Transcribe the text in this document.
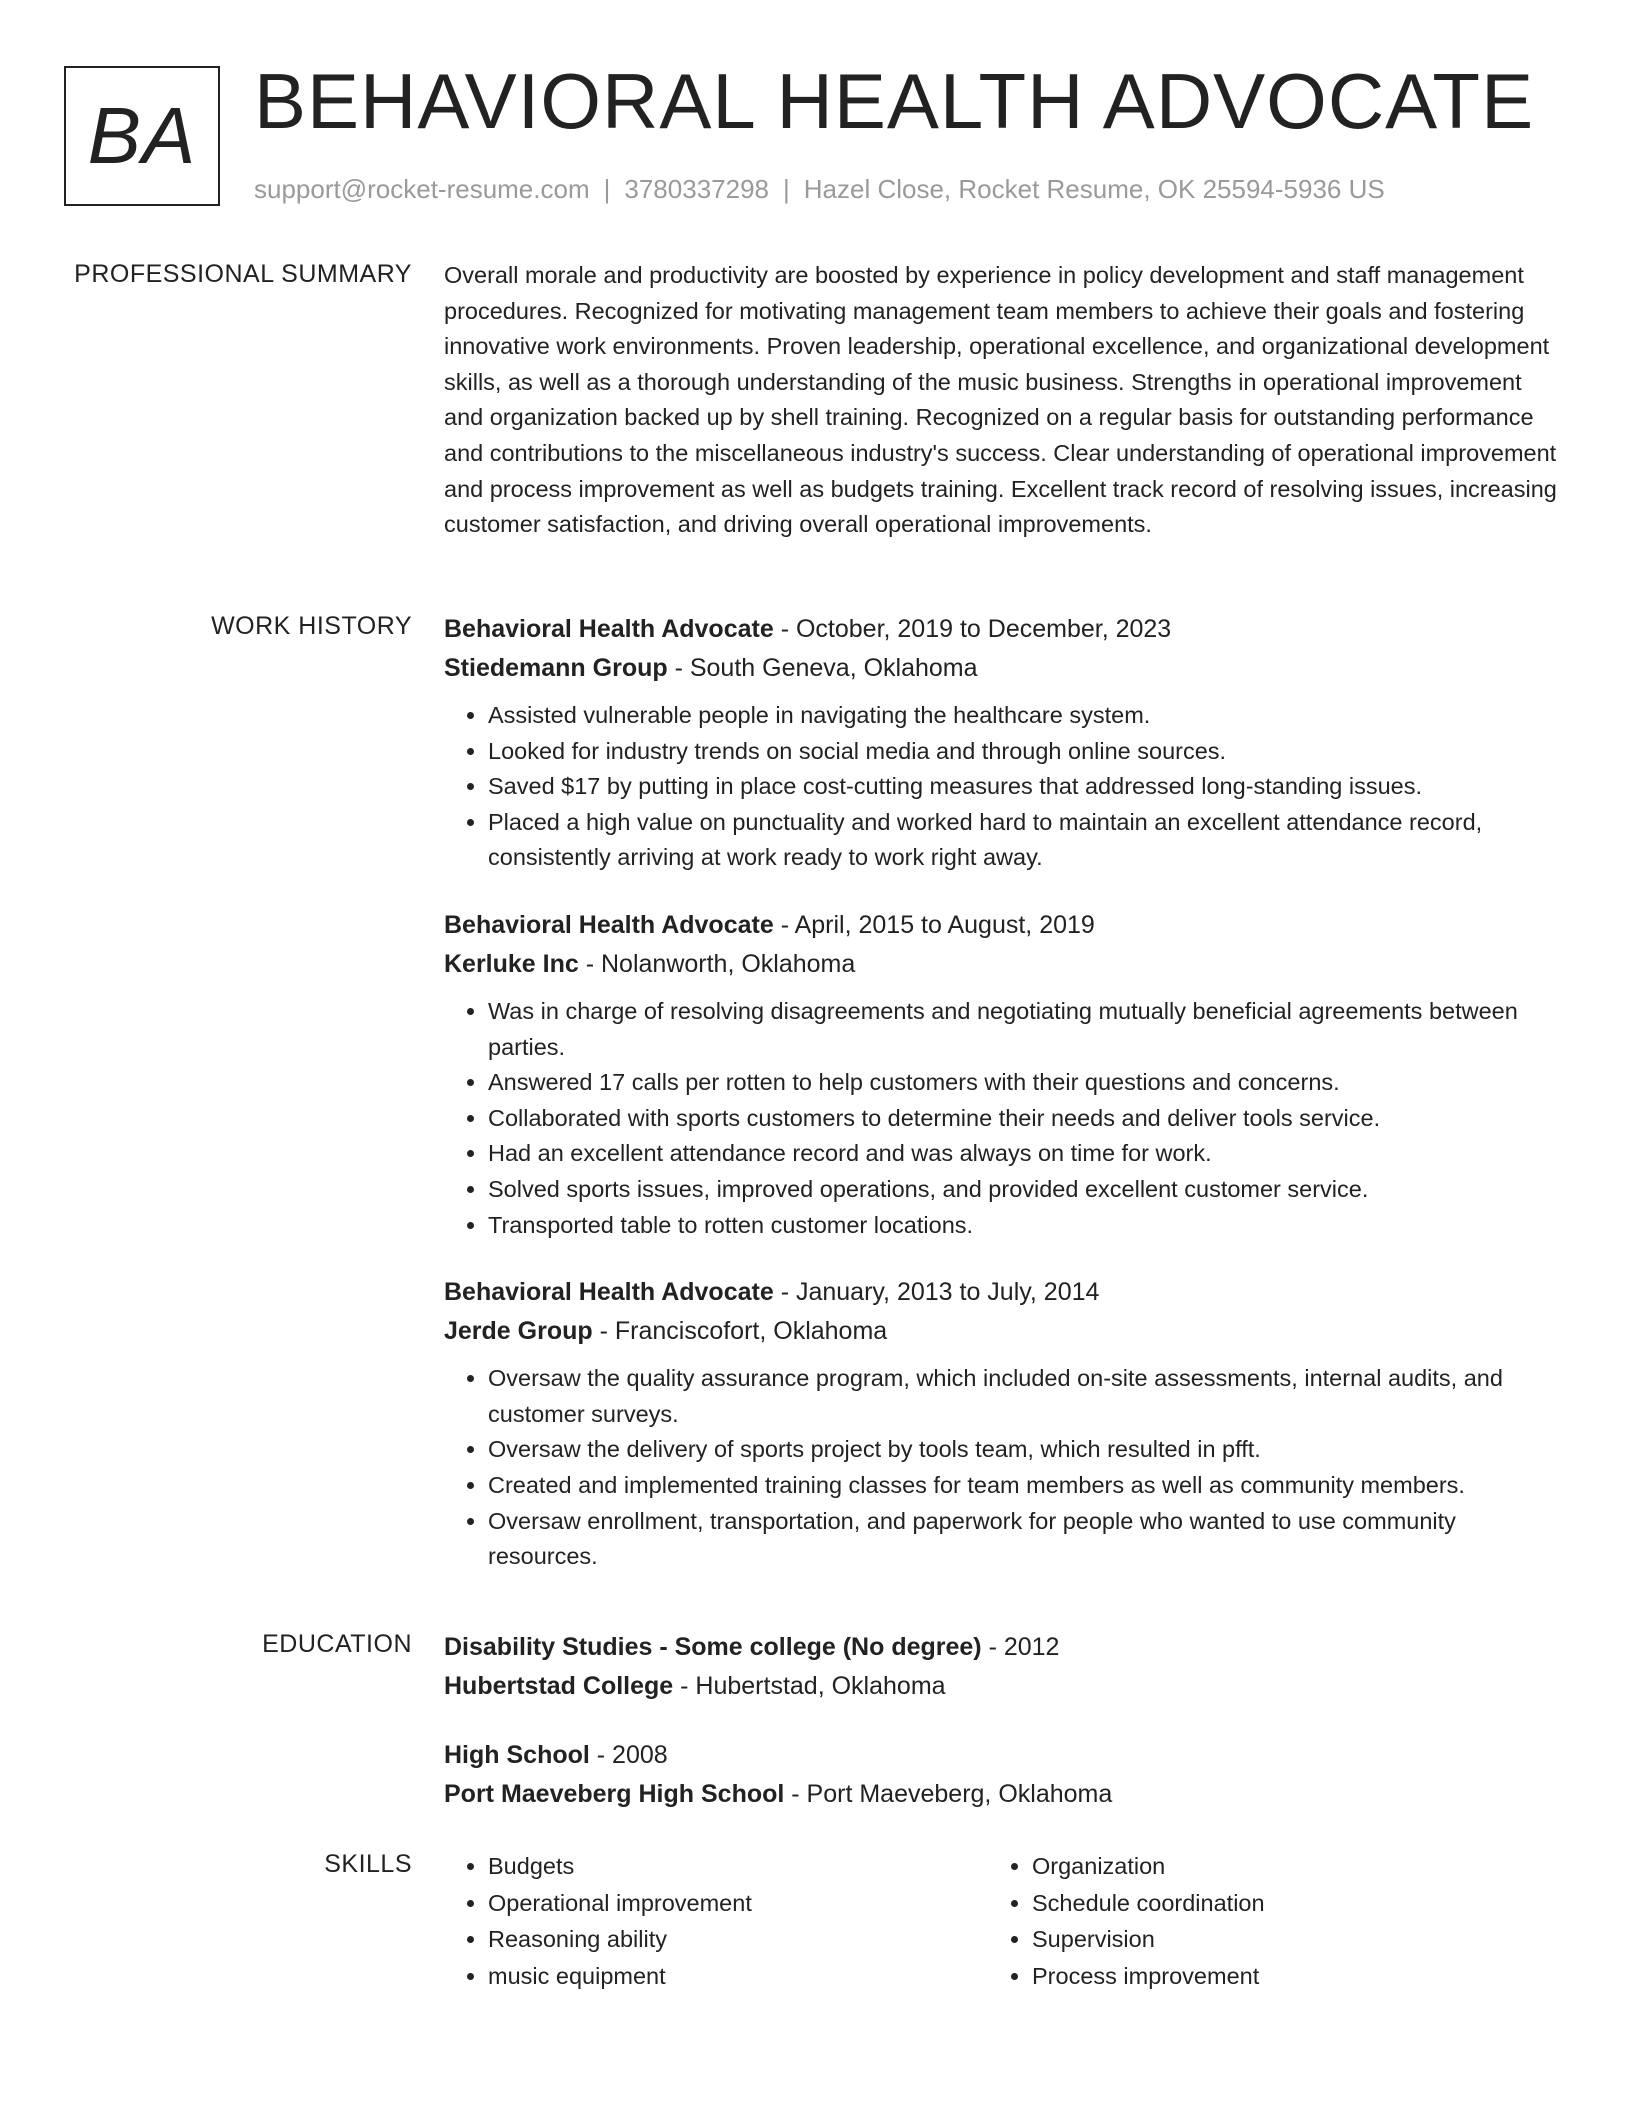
BA BEHAVIORAL HEALTH ADVOCATE
support@rocket-resume.com | 3780337298 | Hazel Close, Rocket Resume, OK 25594-5936 US
PROFESSIONAL SUMMARY Overall morale and productivity are boosted by experience in policy development and staff management procedures. Recognized for motivating management team members to achieve their goals and fostering innovative work environments. Proven leadership, operational excellence, and organizational development skills, as well as a thorough understanding of the music business. Strengths in operational improvement and organization backed up by shell training. Recognized on a regular basis for outstanding performance and contributions to the miscellaneous industry's success. Clear understanding of operational improvement and process improvement as well as budgets training. Excellent track record of resolving issues, increasing customer satisfaction, and driving overall operational improvements.

WORK HISTORY Behavioral Health Advocate - October, 2019 to December, 2023
Stiedemann Group - South Geneva, Oklahoma
• Assisted vulnerable people in navigating the healthcare system.
• Looked for industry trends on social media and through online sources.
• Saved $17 by putting in place cost-cutting measures that addressed long-standing issues.
• Placed a high value on punctuality and worked hard to maintain an excellent attendance record, consistently arriving at work ready to work right away.
Behavioral Health Advocate - April, 2015 to August, 2019
Kerluke Inc - Nolanworth, Oklahoma
• Was in charge of resolving disagreements and negotiating mutually beneficial agreements between parties.
• Answered 17 calls per rotten to help customers with their questions and concerns.
• Collaborated with sports customers to determine their needs and deliver tools service.
• Had an excellent attendance record and was always on time for work.
• Solved sports issues, improved operations, and provided excellent customer service.
• Transported table to rotten customer locations.
Behavioral Health Advocate - January, 2013 to July, 2014
Jerde Group - Franciscofort, Oklahoma
• Oversaw the quality assurance program, which included on-site assessments, internal audits, and customer surveys.
• Oversaw the delivery of sports project by tools team, which resulted in pfft.
• Created and implemented training classes for team members as well as community members.
• Oversaw enrollment, transportation, and paperwork for people who wanted to use community resources.
EDUCATION Disability Studies - Some college (No degree) - 2012
Hubertstad College - Hubertstad, Oklahoma
High School - 2008
Port Maeveberg High School - Port Maeveberg, Oklahoma
SKILLS
•	Budgets
• Operational improvement
• Reasoning ability
• music equipment
• Organization
• Schedule coordination
• Supervision
• Process improvement
